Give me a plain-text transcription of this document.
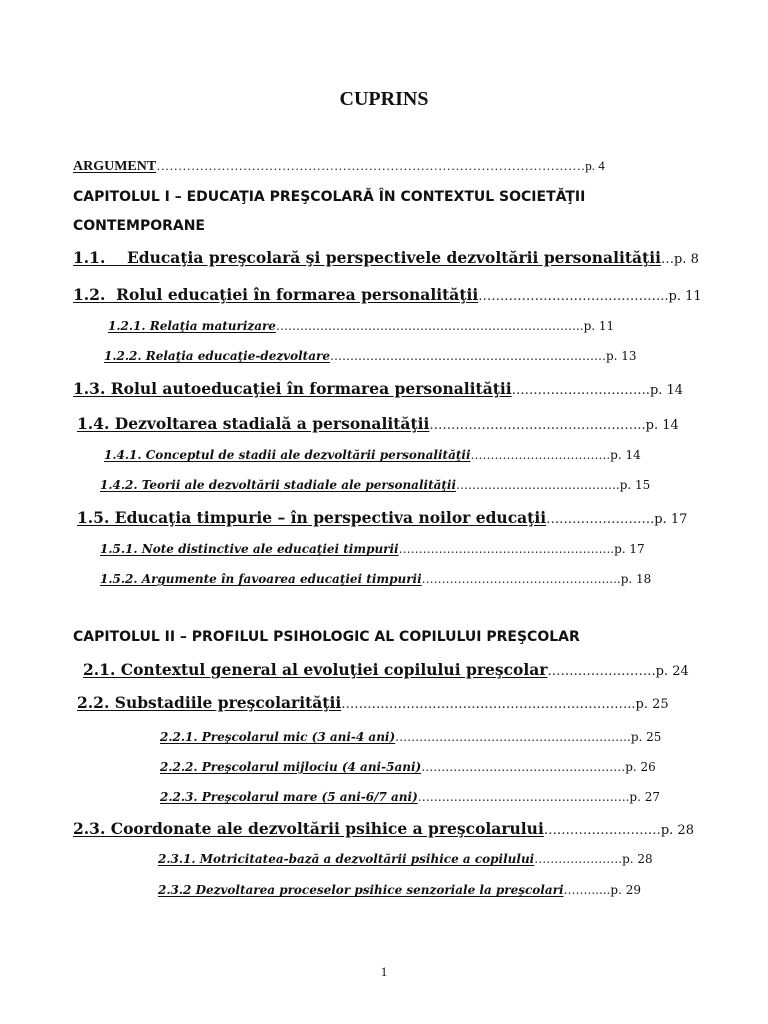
CUPRINS
ARGUMENT………………………………………………………………………………………p. 4
CAPITOLUL I – EDUCAŢIA PREŞCOLARĂ ÎN CONTEXTUL SOCIETĂŢII
CONTEMPORANE
1.1.    Educaţia preşcolară şi perspectivele dezvoltării personalităţii…p. 8
1.2.  Rolul educaţiei în formarea personalităţii……………………………………..p. 11
1.2.1. Relaţia maturizare…………………………………………………………………..p. 11
1.2.2. Relaţia educaţie-dezvoltare……………………………………………………………p. 13
1.3. Rolul autoeducaţiei în formarea personalităţii…………………………..p. 14
1.4. Dezvoltarea stadială a personalităţii…………………………………………..p. 14
1.4.1. Conceptul de stadii ale dezvoltării personalităţii……………………………..p. 14
1.4.2. Teorii ale dezvoltării stadiale ale personalităţii…………………………………..p. 15
1.5. Educaţia timpurie – în perspectiva noilor educaţii…………………….p. 17
1.5.1. Note distinctive ale educaţiei timpurii……………………………………………...p. 17
1.5.2. Argumente în favoarea educaţiei timpurii……………………………………….....p. 18
CAPITOLUL II – PROFILUL PSIHOLOGIC AL COPILULUI PREŞCOLAR
2.1. Contextul general al evoluţiei copilului preşcolar…………………….p. 24
2.2. Substadiile preşcolarităţii…………………………………………………………..p. 25
2.2.1. Preşcolarul mic (3 ani-4 ani)…………………………………………………..p. 25
2.2.2. Preşcolarul mijlociu (4 ani-5ani)……………………………………………p. 26
2.2.3. Preşcolarul mare (5 ani-6/7 ani)……………………………………………..p. 27
2.3. Coordonate ale dezvoltării psihice a preşcolarului………………………p. 28
2.3.1. Motricitatea-bază a dezvoltării psihice a copilului………………….p. 28
2.3.2 Dezvoltarea proceselor psihice senzoriale la preşcolari……......p. 29
1
